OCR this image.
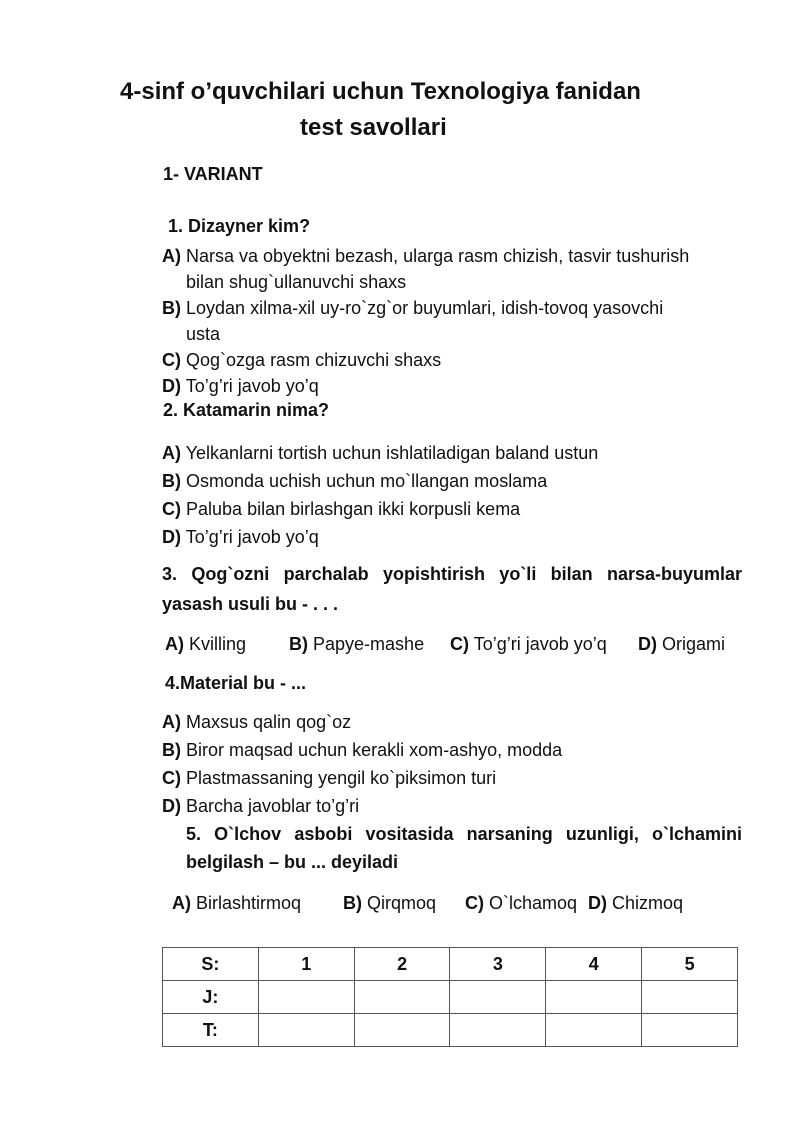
4-sinf o’quvchilari uchun Texnologiya fanidan
test savollari
1- VARIANT
1. Dizayner kim?
A) Narsa va obyektni bezash, ularga rasm chizish, tasvir tushurish
bilan shug`ullanuvchi shaxs
B) Loydan xilma-xil uy-ro`zg`or buyumlari, idish-tovoq yasovchi
usta
C) Qog`ozga rasm chizuvchi shaxs
D) To’g’ri javob yo’q
2. Katamarin nima?
A) Yelkanlarni tortish uchun ishlatiladigan baland ustun
B) Osmonda uchish uchun mo`llangan moslama
C) Paluba bilan birlashgan ikki korpusli kema
D) To’g’ri javob yo’q
3. Qog`ozni parchalab yopishtirish yo`li bilan narsa-buyumlar
yasash usuli bu - . . .
A) Kvilling B) Papye-mashe C) To’g’ri javob yo’q D) Origami
4.Material bu - ...
A) Maxsus qalin qog`oz
B) Biror maqsad uchun kerakli xom-ashyo, modda
C) Plastmassaning yengil ko`piksimon turi
D) Barcha javoblar to’g’ri
5. O`lchov asbobi vositasida narsaning uzunligi, o`lchamini
belgilash – bu ... deyiladi
A) Birlashtirmoq B) Qirqmoq C) O`lchamoq D) Chizmoq
S:	1	2	3	4	5
J:					
T:					
